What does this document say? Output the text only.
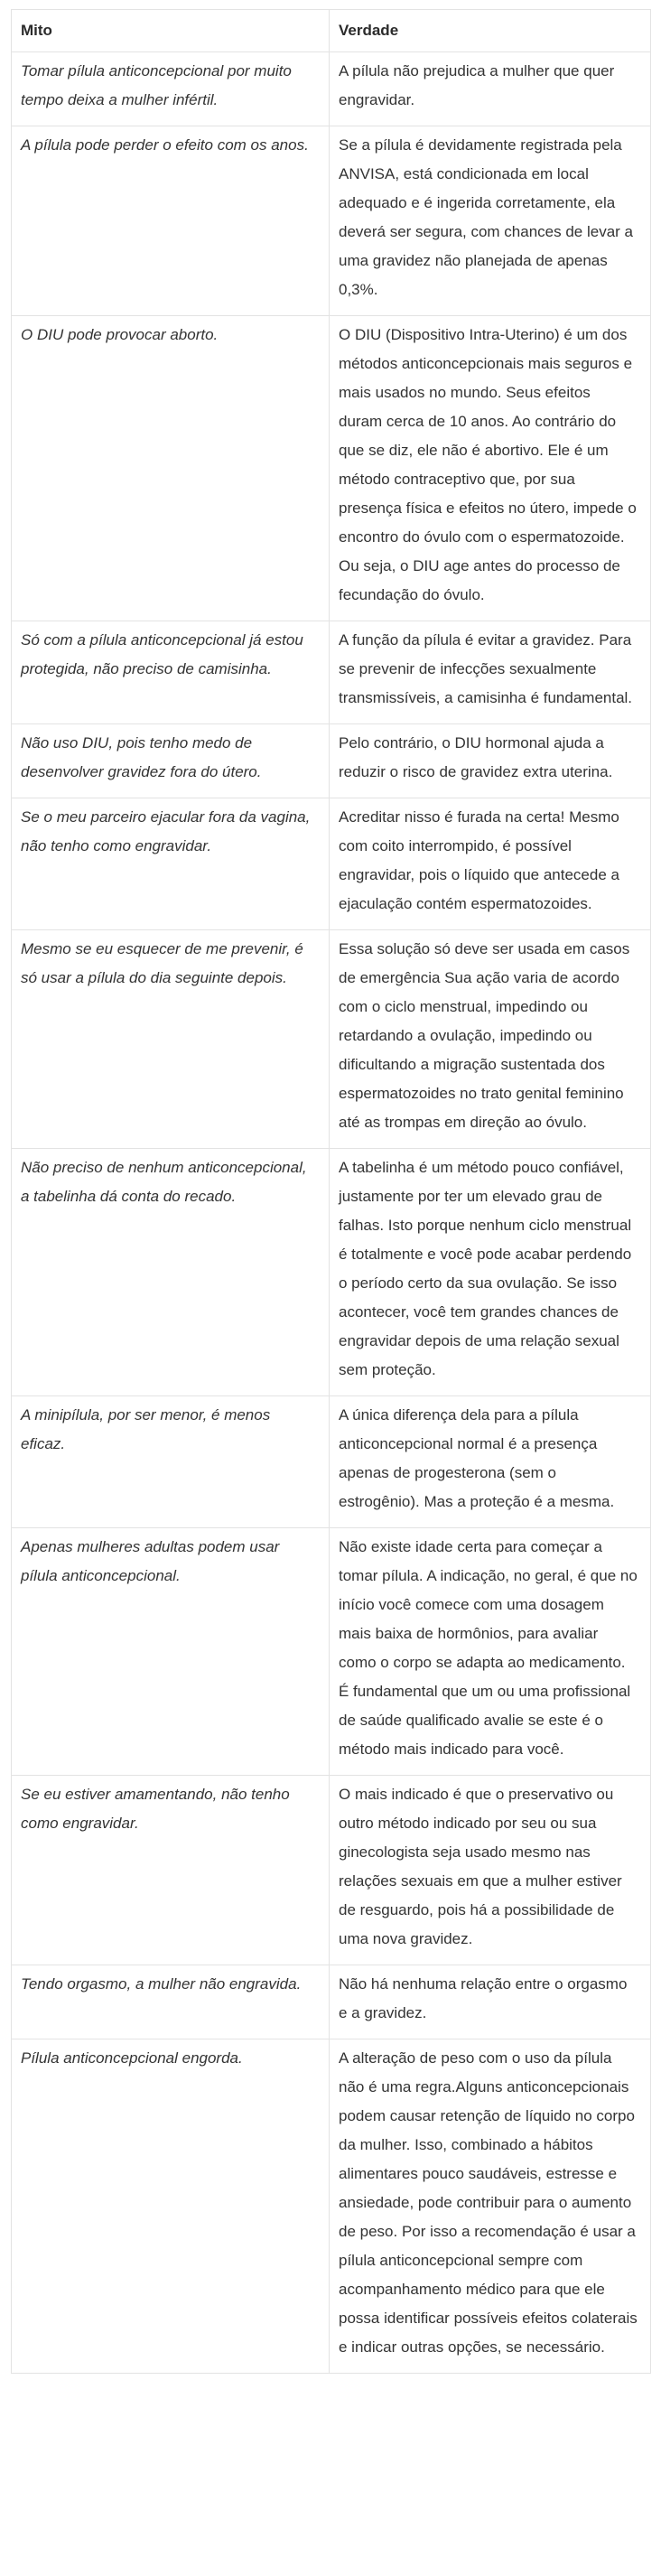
Mito	Verdade
Tomar pílula anticoncepcional por muito tempo deixa a mulher infértil.	A pílula não prejudica a mulher que quer engravidar.
A pílula pode perder o efeito com os anos.	Se a pílula é devidamente registrada pela ANVISA, está condicionada em local adequado e é ingerida corretamente, ela deverá ser segura, com chances de levar a uma gravidez não planejada de apenas 0,3%.
O DIU pode provocar aborto.	O DIU (Dispositivo Intra-Uterino) é um dos métodos anticoncepcionais mais seguros e mais usados no mundo. Seus efeitos duram cerca de 10 anos. Ao contrário do que se diz, ele não é abortivo. Ele é um método contraceptivo que, por sua presença física e efeitos no útero, impede o encontro do óvulo com o espermatozoide. Ou seja, o DIU age antes do processo de fecundação do óvulo.
Só com a pílula anticoncepcional já estou protegida, não preciso de camisinha.	A função da pílula é evitar a gravidez. Para se prevenir de infecções sexualmente transmissíveis, a camisinha é fundamental.
Não uso DIU, pois tenho medo de desenvolver gravidez fora do útero.	Pelo contrário, o DIU hormonal ajuda a reduzir o risco de gravidez extra uterina.
Se o meu parceiro ejacular fora da vagina, não tenho como engravidar.	Acreditar nisso é furada na certa! Mesmo com coito interrompido, é possível engravidar, pois o líquido que antecede a ejaculação contém espermatozoides.
Mesmo se eu esquecer de me prevenir, é só usar a pílula do dia seguinte depois.	Essa solução só deve ser usada em casos de emergência Sua ação varia de acordo com o ciclo menstrual, impedindo ou retardando a ovulação, impedindo ou dificultando a migração sustentada dos espermatozoides no trato genital feminino até as trompas em direção ao óvulo.
Não preciso de nenhum anticoncepcional, a tabelinha dá conta do recado.	A tabelinha é um método pouco confiável, justamente por ter um elevado grau de falhas. Isto porque nenhum ciclo menstrual é totalmente e você pode acabar perdendo o período certo da sua ovulação. Se isso acontecer, você tem grandes chances de engravidar depois de uma relação sexual sem proteção.
A minipílula, por ser menor, é menos eficaz.	A única diferença dela para a pílula anticoncepcional normal é a presença apenas de progesterona (sem o estrogênio). Mas a proteção é a mesma.
Apenas mulheres adultas podem usar pílula anticoncepcional.	Não existe idade certa para começar a tomar pílula. A indicação, no geral, é que no início você comece com uma dosagem mais baixa de hormônios, para avaliar como o corpo se adapta ao medicamento. É fundamental que um ou uma profissional de saúde qualificado avalie se este é o método mais indicado para você.
Se eu estiver amamentando, não tenho como engravidar.	O mais indicado é que o preservativo ou outro método indicado por seu ou sua ginecologista seja usado mesmo nas relações sexuais em que a mulher estiver de resguardo, pois há a possibilidade de uma nova gravidez.
Tendo orgasmo, a mulher não engravida.	Não há nenhuma relação entre o orgasmo e a gravidez.
Pílula anticoncepcional engorda.	A alteração de peso com o uso da pílula não é uma regra.Alguns anticoncepcionais podem causar retenção de líquido no corpo da mulher. Isso, combinado a hábitos alimentares pouco saudáveis, estresse e ansiedade, pode contribuir para o aumento de peso. Por isso a recomendação é usar a pílula anticoncepcional sempre com acompanhamento médico para que ele possa identificar possíveis efeitos colaterais e indicar outras opções, se necessário.
